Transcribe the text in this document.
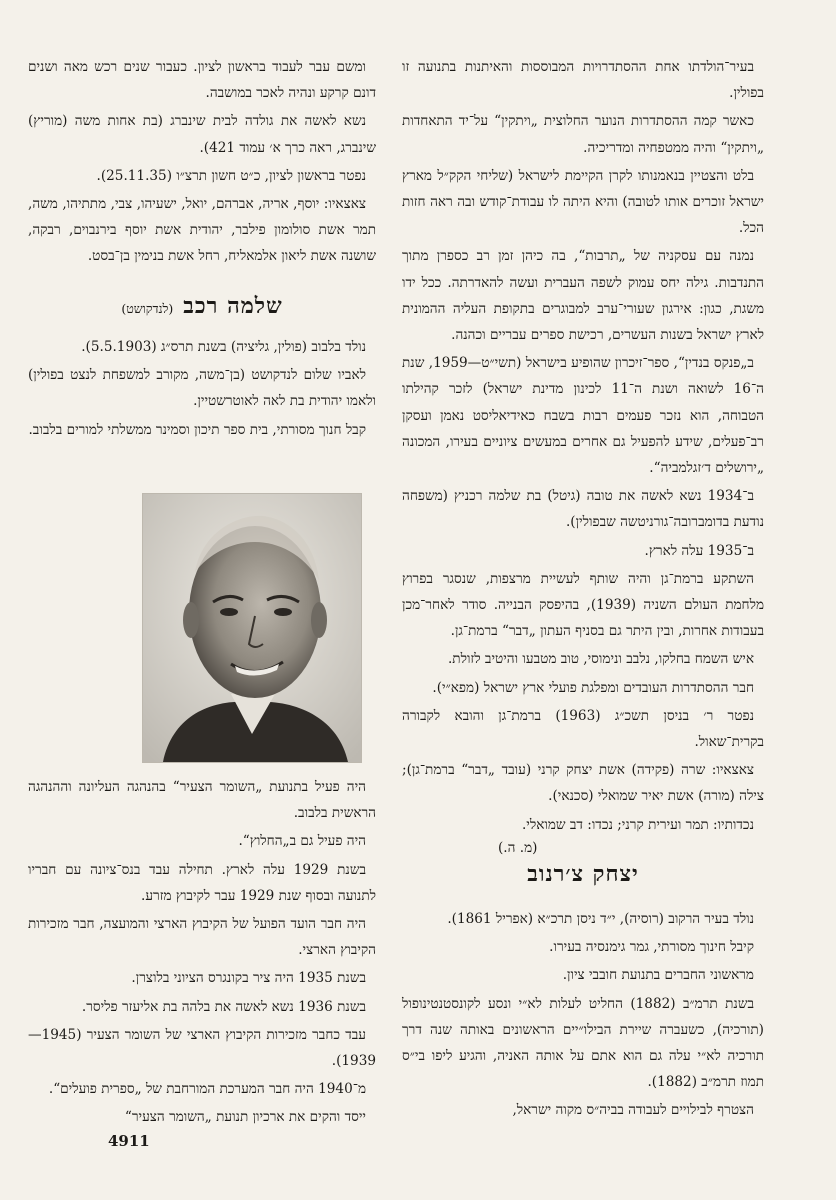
בעיר־הולדתו אחת ההסתדרויות המבוססות והאיתנות בתנועה זו בפולין.

כאשר קמה ההסתדרות הנוער החלוצית „ויתקין“ על־יד התאחדות „ויתקין“ והיה ממטפחיה ומדריכיה.

בלט והצטיין בנאמנותו לקרן הקיימת לישראל (שליחי הקק״ל מארץ ישראל זוכרים אותו לטובה) והיא היתה לו עבודת־קודש ובה ראה חזות הכל.

נמנה עם עסקניה של „תרבות“, בה כיהן זמן רב כספרן מתוך התנדבות. גילה יחס עמוק לשפה העברית ועשה להאדרתה. ככל ידו משגת, כגון: אירגון שעורי־ערב למבוגרים בתקופת העליה ההמונית לארץ ישראל בשנות העשרים, רכישת ספרים עבריים וכהנה.

ב„פנקס בנדין“, ספר־זיכרון שהופיע בישראל (תשי״ט—1959, שנת ה־16 לשואה ושנת ה־11 לכינון מדינת ישראל) לזכר קהילתו הטבוחה, הוא נזכר פעמים רבות בשבח כאידיאליסט נאמן ועסקן רב־פעלים, שידע להפעיל גם אחרים במעשים ציוניים בעירו, המכונה „ירושלים ד׳זגלמביה“.

ב־1934 נשא לאשה את טובה (גיטל) בת שלמה רכניץ (משפחה נודעת בדומברובה־גורניטשה שבפולין).

ב־1935 עלה לארץ.

השתקע ברמת־גן והיה שותף לעשיית מרצפות, שנסגר בפרוץ מלחמת העולם השניה (1939), בהיפסק הבנייה. סודר לאחר־מכן בעבודות אחרות, ובין היתר גם בסניף העתון „דבר“ ברמת־גן.

איש השמח בחלקו, נלבב ונימוסי, טוב מטבעו והיטיב לזולת.

חבר ההסתדרות העובדים ומפלגת פועלי ארץ ישראל (מפא״י).

נפטר ר׳ בניסן תשכ״ג (1963) ברמת־גן והובא לקבורה בקרית־שאול.

צאצאיו: שרה (פקידה) אשת יצחק קרני (עובד „דבר“ ברמת־גן); צילה (מורה) אשת יאיר שמואלי (סכנאי).

נכדותיו: תמר ועירית קרני; נכדו: דב שמואלי.

(מ. ה.)

יצחק צ׳רנוב

נולד בעיר הרקוב (רוסיה), י״ד ניסן תרכ״א (אפריל 1861).

קיבל חינוך מסורתי, גמר גימנסיה בעירו.

מראשוני החברים בתנועת חובבי ציון.

בשנת תרמ״ב (1882) החליט לעלות לא״י ונסע לקונסטנטינופול (תורכיה), כשעברה שיירת הבילו״יים הראשונים באותה שנה דרך תורכיה לא״י עלה גם הוא אתם על אותה האניה, והגיע ליפו בי״ס תמוז תרמ״ב (1882).

הצטרף לבילויים לעבודה בביה״ס מקוה ישראל,

ומשם עבר לעבוד בראשון לציון. כעבור שנים רכש מאה ושנים דונם קרקע ונהיה לאכר במושבה.

נשא לאשה את גולדה לבית שינברג (בת אחות משה (מוריץ) שינברג, ראה כרך א׳ עמוד 421).

נפטר בראשון לציון, כ״ט חשון תרצ״ו (25.11.35).

צאצאיו: יוסף, אריה, אברהם, יואל, ישעיהו, צבי, מתתיהו, משה, תמר אשת סולומון פילבר, יהודית אשת יוסף בירנבוים, רבקה, שושנה אשת ליאון אלמאליח, רחל אשת בנימין בן־בסט.

שלמה רכב(לנדקושט)

נולד בלבוב (פולין, גליציה) בשנת תרס״ג (5.5.1903).

לאביו שלום לנדקושט (בן־משה, מקורב למשפחת לנצט בפולין) ולאמו יהודית בת לאה לאוטרשטיין.

קבל חנוך מסורתי, בית ספר תיכון וסמינר ממשלתי למורים בלבוב.

היה פעיל בתנועת „השומר הצעיר“ בהנהגה העליונה וההנהגה הראשית בלבוב.

היה פעיל גם ב„החלוץ“.

בשנת 1929 עלה לארץ. תחילה עבד בנס־ציונה עם חבריו לתנועה ובסוף שנת 1929 עבר לקיבוץ מזרע.

היה חבר הועד הפועל של הקיבוץ הארצי והמועצה, חבר מזכירות הקיבוץ הארצי.

בשנת 1935 היה ציר בקונגרס הציוני בלוצרן.

בשנת 1936 נשא לאשה את בלהה בת אליעזר פליסר.

עבד כחבר מזכירות הקיבוץ הארצי של השומר הצעיר (1945—1939).

מ־1940 היה חבר המערכת המורחבת של „ספרית פועלים“.

ייסד והקים את ארכיון תנועת „השומר הצעיר“

4911
